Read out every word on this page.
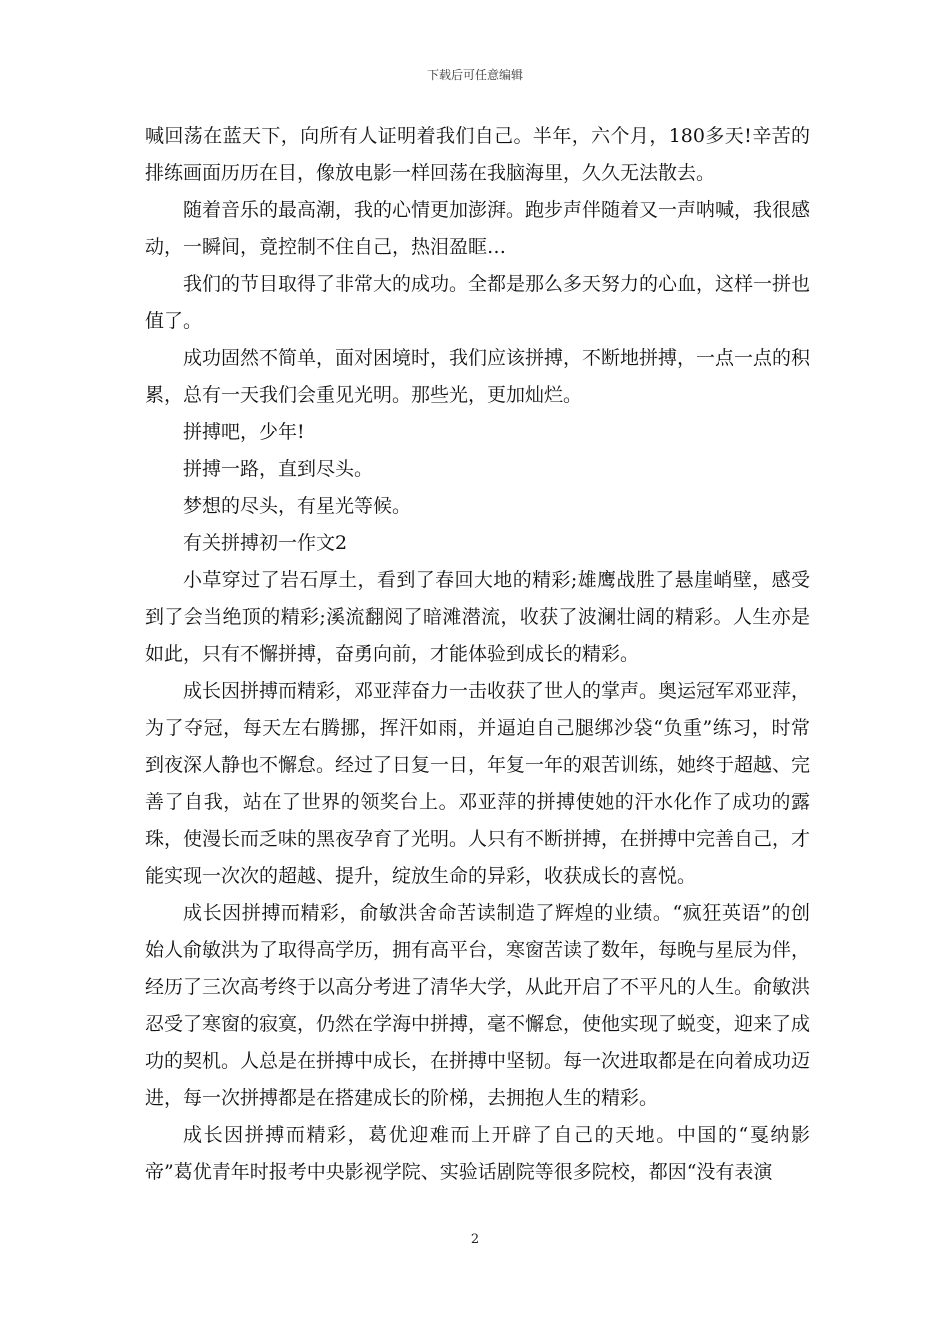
下载后可任意编辑

喊回荡在蓝天下，向所有人证明着我们自己。半年，六个月，180多天!辛苦的排练画面历历在目，像放电影一样回荡在我脑海里，久久无法散去。

随着音乐的最高潮，我的心情更加澎湃。跑步声伴随着又一声呐喊，我很感动，一瞬间，竟控制不住自己，热泪盈眶…

我们的节目取得了非常大的成功。全都是那么多天努力的心血，这样一拼也值了。

成功固然不简单，面对困境时，我们应该拼搏，不断地拼搏，一点一点的积累，总有一天我们会重见光明。那些光，更加灿烂。

拼搏吧，少年!

拼搏一路，直到尽头。

梦想的尽头，有星光等候。

有关拼搏初一作文2

小草穿过了岩石厚土，看到了春回大地的精彩;雄鹰战胜了悬崖峭壁，感受到了会当绝顶的精彩;溪流翻阅了暗滩潜流，收获了波澜壮阔的精彩。人生亦是如此，只有不懈拼搏，奋勇向前，才能体验到成长的精彩。

成长因拼搏而精彩，邓亚萍奋力一击收获了世人的掌声。奥运冠军邓亚萍，为了夺冠，每天左右腾挪，挥汗如雨，并逼迫自己腿绑沙袋“负重”练习，时常到夜深人静也不懈怠。经过了日复一日，年复一年的艰苦训练，她终于超越、完善了自我，站在了世界的领奖台上。邓亚萍的拼搏使她的汗水化作了成功的露珠，使漫长而乏味的黑夜孕育了光明。人只有不断拼搏，在拼搏中完善自己，才能实现一次次的超越、提升，绽放生命的异彩，收获成长的喜悦。

成长因拼搏而精彩，俞敏洪舍命苦读制造了辉煌的业绩。“疯狂英语”的创始人俞敏洪为了取得高学历，拥有高平台，寒窗苦读了数年，每晚与星辰为伴，经历了三次高考终于以高分考进了清华大学，从此开启了不平凡的人生。俞敏洪忍受了寒窗的寂寞，仍然在学海中拼搏，毫不懈怠，使他实现了蜕变，迎来了成功的契机。人总是在拼搏中成长，在拼搏中坚韧。每一次进取都是在向着成功迈进，每一次拼搏都是在搭建成长的阶梯，去拥抱人生的精彩。

成长因拼搏而精彩，葛优迎难而上开辟了自己的天地。中国的“戛纳影帝”葛优青年时报考中央影视学院、实验话剧院等很多院校，都因“没有表演

2
